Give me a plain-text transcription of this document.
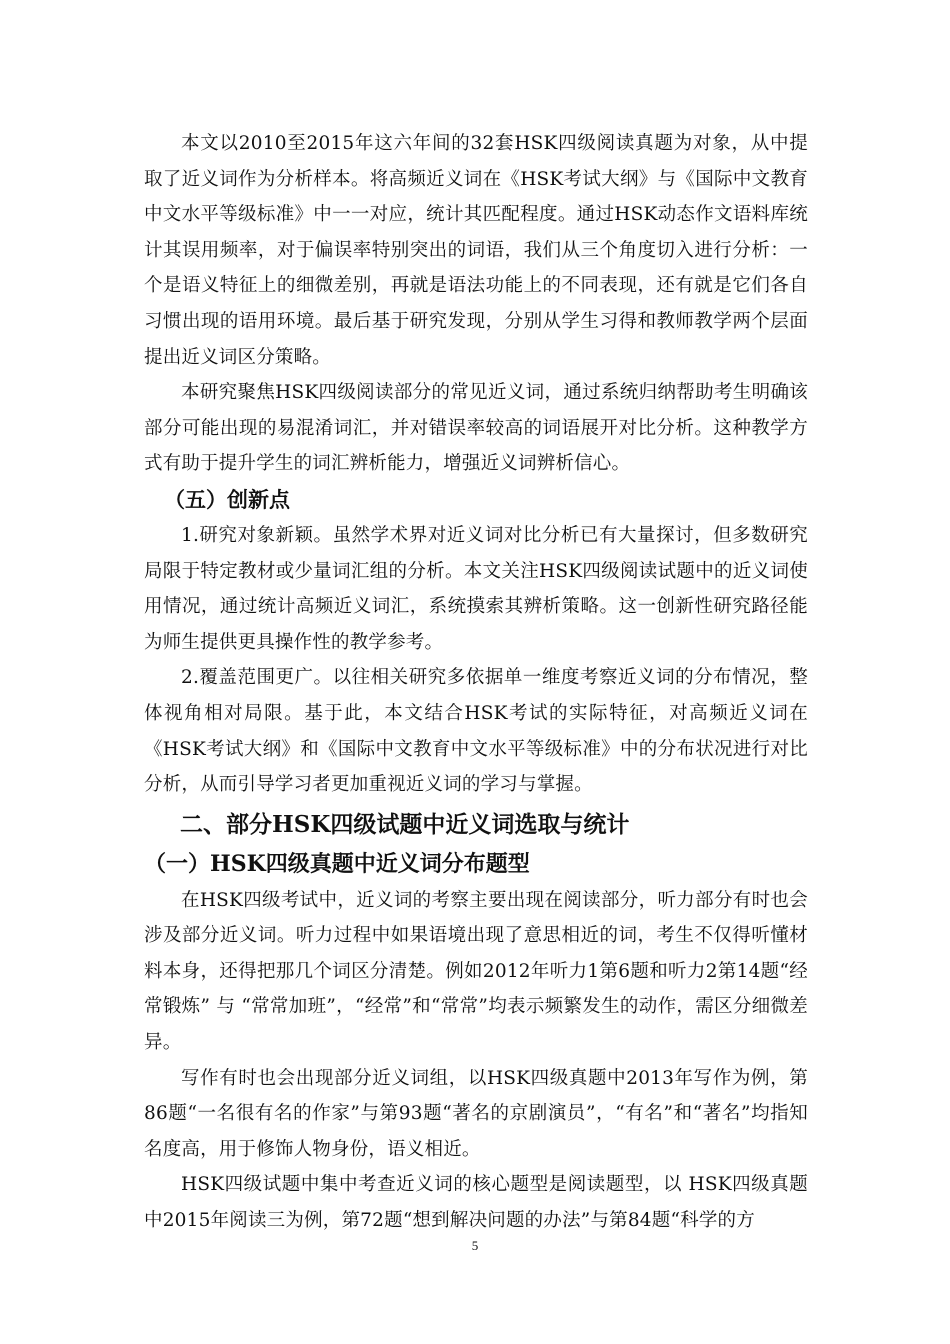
本文以2010至2015年这六年间的32套HSK四级阅读真题为对象，从中提取了近义词作为分析样本。将高频近义词在《HSK考试大纲》与《国际中文教育中文水平等级标准》中一一对应，统计其匹配程度。通过HSK动态作文语料库统计其误用频率，对于偏误率特别突出的词语，我们从三个角度切入进行分析：一个是语义特征上的细微差别，再就是语法功能上的不同表现，还有就是它们各自习惯出现的语用环境。最后基于研究发现，分别从学生习得和教师教学两个层面提出近义词区分策略。

本研究聚焦HSK四级阅读部分的常见近义词，通过系统归纳帮助考生明确该部分可能出现的易混淆词汇，并对错误率较高的词语展开对比分析。这种教学方式有助于提升学生的词汇辨析能力，增强近义词辨析信心。

（五）创新点

1.研究对象新颖。虽然学术界对近义词对比分析已有大量探讨，但多数研究局限于特定教材或少量词汇组的分析。本文关注HSK四级阅读试题中的近义词使用情况，通过统计高频近义词汇，系统摸索其辨析策略。这一创新性研究路径能为师生提供更具操作性的教学参考。

2.覆盖范围更广。以往相关研究多依据单一维度考察近义词的分布情况，整体视角相对局限。基于此，本文结合HSK考试的实际特征，对高频近义词在《HSK考试大纲》和《国际中文教育中文水平等级标准》中的分布状况进行对比分析，从而引导学习者更加重视近义词的学习与掌握。

二、部分HSK四级试题中近义词选取与统计
（一）HSK四级真题中近义词分布题型

在HSK四级考试中，近义词的考察主要出现在阅读部分，听力部分有时也会涉及部分近义词。听力过程中如果语境出现了意思相近的词，考生不仅得听懂材料本身，还得把那几个词区分清楚。例如2012年听力1第6题和听力2第14题“经常锻炼” 与 “常常加班”，“经常”和“常常”均表示频繁发生的动作，需区分细微差异。

写作有时也会出现部分近义词组，以HSK四级真题中2013年写作为例，第86题“一名很有名的作家”与第93题“著名的京剧演员”，“有名”和“著名”均指知名度高，用于修饰人物身份，语义相近。

HSK四级试题中集中考查近义词的核心题型是阅读题型，以 HSK四级真题中2015年阅读三为例，第72题“想到解决问题的办法”与第84题“科学的方

5
